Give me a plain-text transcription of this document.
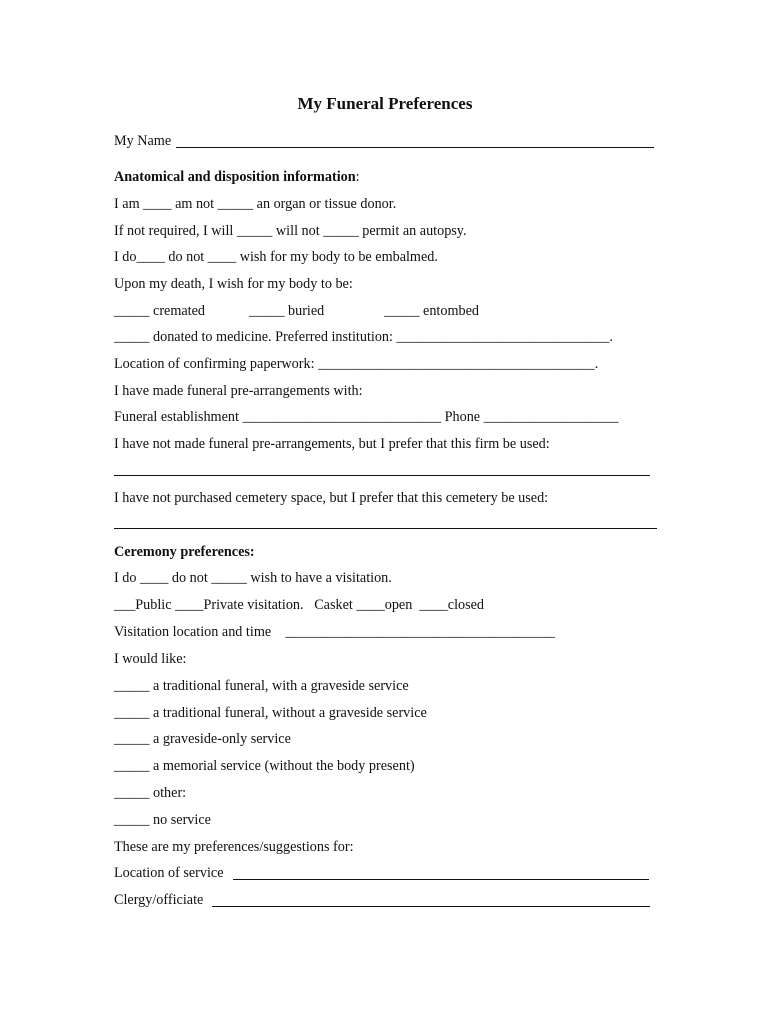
My Funeral Preferences
My Name
Anatomical and disposition information:
I am ____ am not _____ an organ or tissue donor.
If not required, I will _____ will not _____ permit an autopsy.
I do____ do not ____ wish for my body to be embalmed.
Upon my death, I wish for my body to be:
_____ cremated	_____ buried	_____ entombed
_____ donated to medicine. Preferred institution: ______________________________.
Location of confirming paperwork: _______________________________________.
I have made funeral pre-arrangements with:
Funeral establishment ____________________________ Phone ___________________
I have not made funeral pre-arrangements, but I prefer that this firm be used:
I have not purchased cemetery space, but I prefer that this cemetery be used:
Ceremony preferences:
I do ____ do not _____ wish to have a visitation.
___Public ____Private visitation.   Casket ____open  ____closed
Visitation location and time    ______________________________________
I would like:
_____ a traditional funeral, with a graveside service
_____ a traditional funeral, without a graveside service
_____ a graveside-only service
_____ a memorial service (without the body present)
_____ other:
_____ no service
These are my preferences/suggestions for:
Location of service
Clergy/officiate
